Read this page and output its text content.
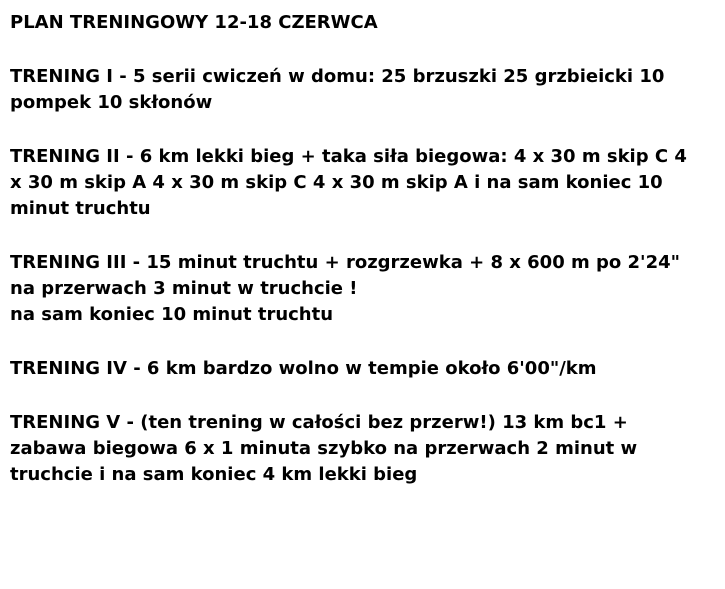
PLAN TRENINGOWY 12-18 CZERWCA
TRENING I - 5 serii cwiczeń w domu: 25 brzuszki 25 grzbieicki 10
pompek 10 skłonów
TRENING II - 6 km lekki bieg + taka siła biegowa: 4 x 30 m skip C 4
x 30 m skip A 4 x 30 m skip C 4 x 30 m skip A i na sam koniec 10
minut truchtu
TRENING III - 15 minut truchtu + rozgrzewka + 8 x 600 m po 2'24"
na przerwach 3 minut w truchcie !
na sam koniec 10 minut truchtu
TRENING IV - 6 km bardzo wolno w tempie około 6'00"/km
TRENING V - (ten trening w całości bez przerw!) 13 km bc1 +
zabawa biegowa 6 x 1 minuta szybko na przerwach 2 minut w
truchcie i na sam koniec 4 km lekki bieg
